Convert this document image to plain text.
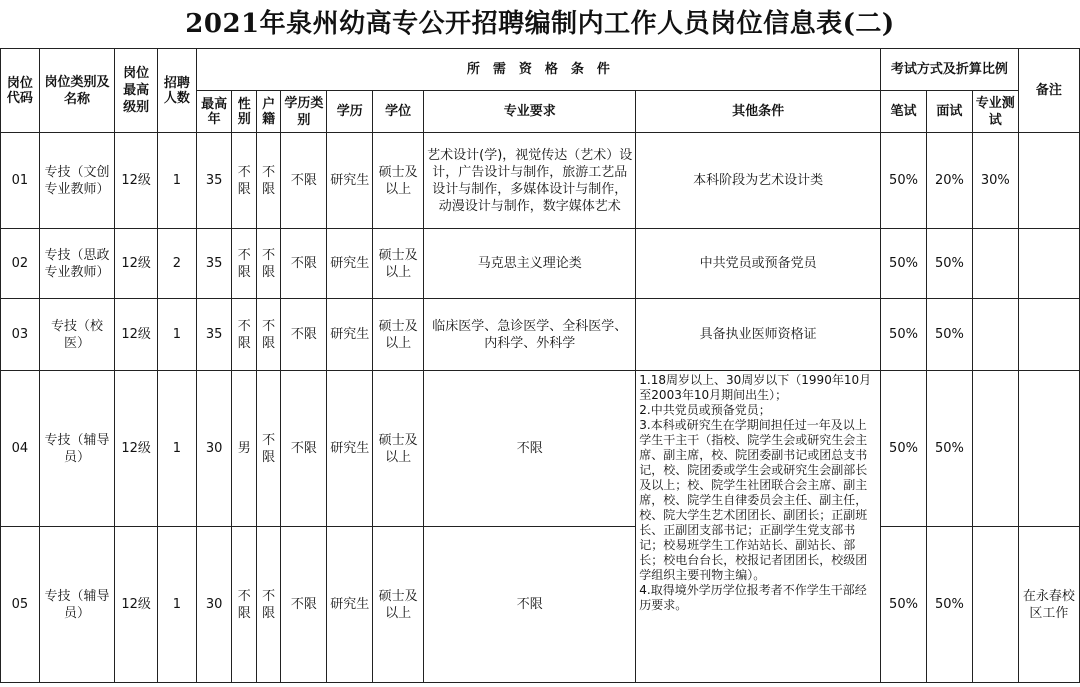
2021年泉州幼高专公开招聘编制内工作人员岗位信息表(二)
岗位代码	岗位类别及名称	岗位最高级别	招聘人数	所　需　资　格　条　件								考试方式及折算比例			备注
				最高年	性别	户籍	学历类别	学历	学位	专业要求	其他条件	笔试	面试	专业测试	
01	专技（文创专业教师）	12级	1	35	不限	不限	不限	研究生	硕士及以上	艺术设计(学)，视觉传达（艺术）设计，广告设计与制作，旅游工艺品设计与制作，多媒体设计与制作，动漫设计与制作，数字媒体艺术	本科阶段为艺术设计类	50%	20%	30%	
02	专技（思政专业教师）	12级	2	35	不限	不限	不限	研究生	硕士及以上	马克思主义理论类	中共党员或预备党员	50%	50%		
03	专技（校医）	12级	1	35	不限	不限	不限	研究生	硕士及以上	临床医学、急诊医学、全科医学、内科学、外科学	具备执业医师资格证	50%	50%		
04	专技（辅导员）	12级	1	30	男	不限	不限	研究生	硕士及以上	不限	1.18周岁以上、30周岁以下（1990年10月至2003年10月期间出生）；
2.中共党员或预备党员；
3.本科或研究生在学期间担任过一年及以上学生干主干（指校、院学生会或研究生会主席、副主席，校、院团委副书记或团总支书记，校、院团委或学生会或研究生会副部长及以上；校、院学生社团联合会主席、副主席，校、院学生自律委员会主任、副主任，校、院大学生艺术团团长、副团长；正副班长、正副团支部书记；正副学生党支部书记；校易班学生工作站站长、副站长、部长；校电台台长，校报记者团团长，校级团学组织主要刊物主编）。
4.取得境外学历学位报考者不作学生干部经历要求。	50%	50%		
05	专技（辅导员）	12级	1	30	不限	不限	不限	研究生	硕士及以上	不限		50%	50%		在永春校区工作
